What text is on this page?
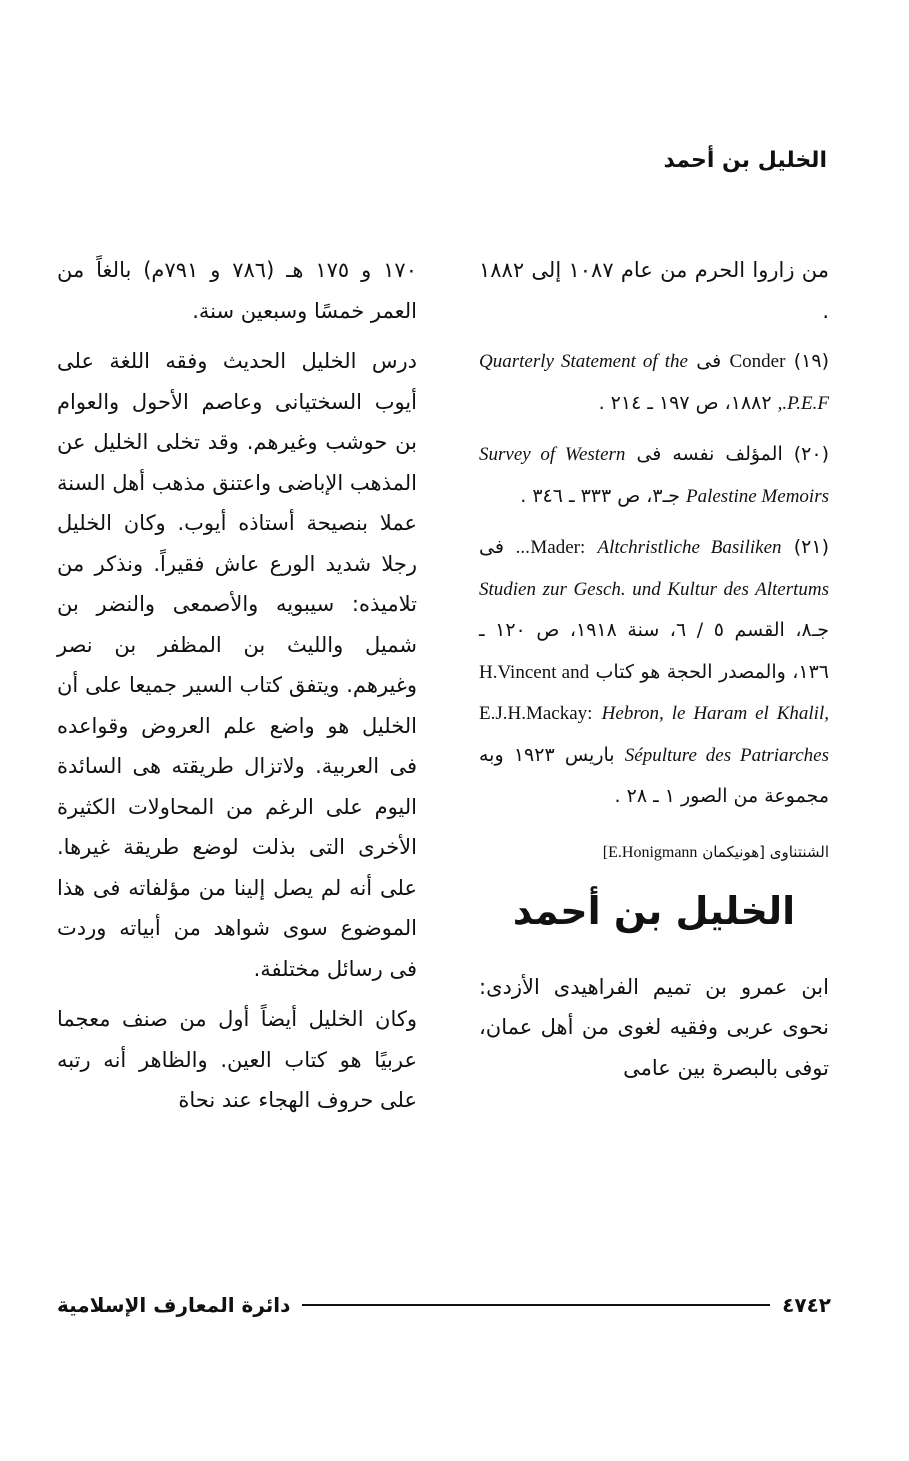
الخليل بن أحمد

من زاروا الحرم من عام ١٠٨٧ إلى ١٨٨٢ .

(١٩) Conder فى Quarterly Statement of the P.E.F., ١٨٨٢، ص ١٩٧ ـ ٢١٤ .

(٢٠) المؤلف نفسه فى Survey of Western Palestine Memoirs جـ٣، ص ٣٣٣ ـ ٣٤٦ .

(٢١) Mader: Altchristliche Basiliken... فى Studien zur Gesch. und Kultur des Altertums جـ٨، القسم ٥ / ٦، سنة ١٩١٨، ص ١٢٠ ـ ١٣٦، والمصدر الحجة هو كتاب H.Vincent and E.J.H.Mackay: Hebron, le Haram el Khalil, Sépulture des Patriarches باريس ١٩٢٣ وبه مجموعة من الصور ١ ـ ٢٨ .

الشنتناوى [هونيكمان E.Honigmann]
الخليل بن أحمد

ابن عمرو بن تميم الفراهيدى الأزدى: نحوى عربى وفقيه لغوى من أهل عمان، توفى بالبصرة بين عامى

١٧٠ و ١٧٥ هـ (٧٨٦ و ٧٩١م) بالغاً من العمر خمسًا وسبعين سنة.

درس الخليل الحديث وفقه اللغة على أيوب السختيانى وعاصم الأحول والعوام بن حوشب وغيرهم. وقد تخلى الخليل عن المذهب الإباضى واعتنق مذهب أهل السنة عملا بنصيحة أستاذه أيوب. وكان الخليل رجلا شديد الورع عاش فقيراً. ونذكر من تلاميذه: سيبويه والأصمعى والنضر بن شميل والليث بن المظفر بن نصر وغيرهم. ويتفق كتاب السير جميعا على أن الخليل هو واضع علم العروض وقواعده فى العربية. ولاتزال طريقته هى السائدة اليوم على الرغم من المحاولات الكثيرة الأخرى التى بذلت لوضع طريقة غيرها. على أنه لم يصل إلينا من مؤلفاته فى هذا الموضوع سوى شواهد من أبياته وردت فى رسائل مختلفة.

وكان الخليل أيضاً أول من صنف معجما عربيًا هو كتاب العين. والظاهر أنه رتبه على حروف الهجاء عند نحاة

٤٧٤٢
دائرة المعارف الإسلامية
